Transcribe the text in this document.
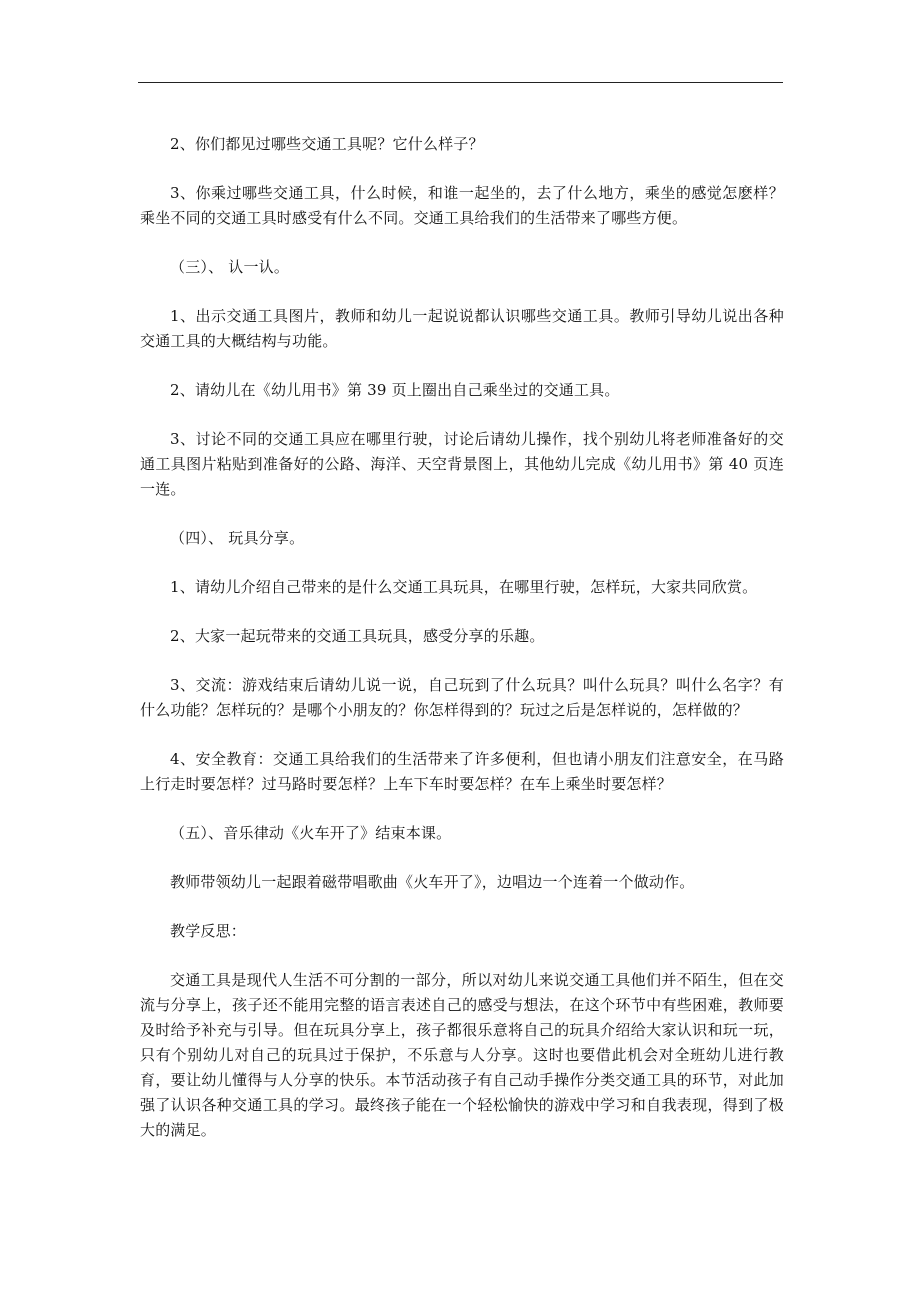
2、你们都见过哪些交通工具呢？它什么样子？

3、你乘过哪些交通工具，什么时候，和谁一起坐的，去了什么地方，乘坐的感觉怎麽样？乘坐不同的交通工具时感受有什么不同。交通工具给我们的生活带来了哪些方便。

（三）、 认一认。

1、出示交通工具图片，教师和幼儿一起说说都认识哪些交通工具。教师引导幼儿说出各种交通工具的大概结构与功能。

2、请幼儿在《幼儿用书》第 39 页上圈出自己乘坐过的交通工具。

3、讨论不同的交通工具应在哪里行驶，讨论后请幼儿操作，找个别幼儿将老师准备好的交通工具图片粘贴到准备好的公路、海洋、天空背景图上，其他幼儿完成《幼儿用书》第 40 页连一连。

（四）、 玩具分享。

1、请幼儿介绍自己带来的是什么交通工具玩具，在哪里行驶，怎样玩，大家共同欣赏。

2、大家一起玩带来的交通工具玩具，感受分享的乐趣。

3、交流：游戏结束后请幼儿说一说，自己玩到了什么玩具？叫什么玩具？叫什么名字？有什么功能？怎样玩的？是哪个小朋友的？你怎样得到的？玩过之后是怎样说的，怎样做的？

4、安全教育：交通工具给我们的生活带来了许多便利，但也请小朋友们注意安全，在马路上行走时要怎样？过马路时要怎样？上车下车时要怎样？在车上乘坐时要怎样？

（五）、音乐律动《火车开了》结束本课。

教师带领幼儿一起跟着磁带唱歌曲《火车开了》，边唱边一个连着一个做动作。

教学反思：

交通工具是现代人生活不可分割的一部分，所以对幼儿来说交通工具他们并不陌生，但在交流与分享上，孩子还不能用完整的语言表述自己的感受与想法，在这个环节中有些困难，教师要及时给予补充与引导。但在玩具分享上，孩子都很乐意将自己的玩具介绍给大家认识和玩一玩，只有个别幼儿对自己的玩具过于保护，不乐意与人分享。这时也要借此机会对全班幼儿进行教育，要让幼儿懂得与人分享的快乐。本节活动孩子有自己动手操作分类交通工具的环节，对此加强了认识各种交通工具的学习。最终孩子能在一个轻松愉快的游戏中学习和自我表现，得到了极大的满足。
